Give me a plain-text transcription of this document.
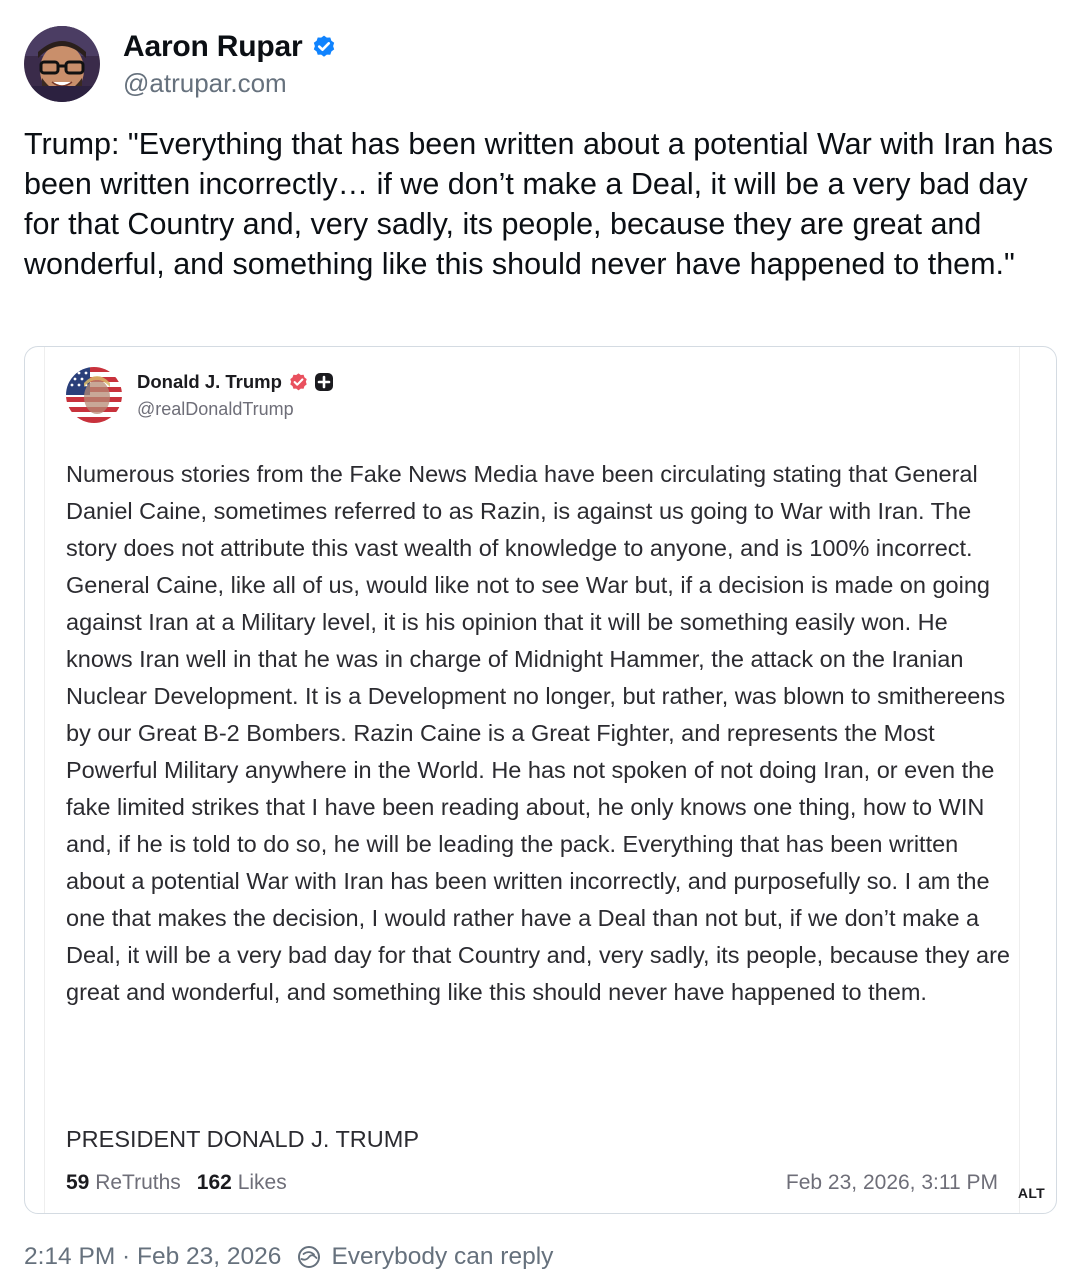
Aaron Rupar
@atrupar.com

Trump: "Everything that has been written about a potential War with Iran has been written incorrectly… if we don’t make a Deal, it will be a very bad day for that Country and, very sadly, its people, because they are great and wonderful, and something like this should never have happened to them."

Donald J. Trump
@realDonaldTrump

Numerous stories from the Fake News Media have been circulating stating that General Daniel Caine, sometimes referred to as Razin, is against us going to War with Iran. The story does not attribute this vast wealth of knowledge to anyone, and is 100% incorrect. General Caine, like all of us, would like not to see War but, if a decision is made on going against Iran at a Military level, it is his opinion that it will be something easily won. He knows Iran well in that he was in charge of Midnight Hammer, the attack on the Iranian Nuclear Development. It is a Development no longer, but rather, was blown to smithereens by our Great B-2 Bombers. Razin Caine is a Great Fighter, and represents the Most Powerful Military anywhere in the World. He has not spoken of not doing Iran, or even the fake limited strikes that I have been reading about, he only knows one thing, how to WIN and, if he is told to do so, he will be leading the pack. Everything that has been written about a potential War with Iran has been written incorrectly, and purposefully so. I am the one that makes the decision, I would rather have a Deal than not but, if we don’t make a Deal, it will be a very bad day for that Country and, very sadly, its people, because they are great and wonderful, and something like this should never have happened to them.

PRESIDENT DONALD J. TRUMP

59 ReTruths 162 Likes	Feb 23, 2026, 3:11 PM ALT
2:14 PM · Feb 23, 2026 Everybody can reply
